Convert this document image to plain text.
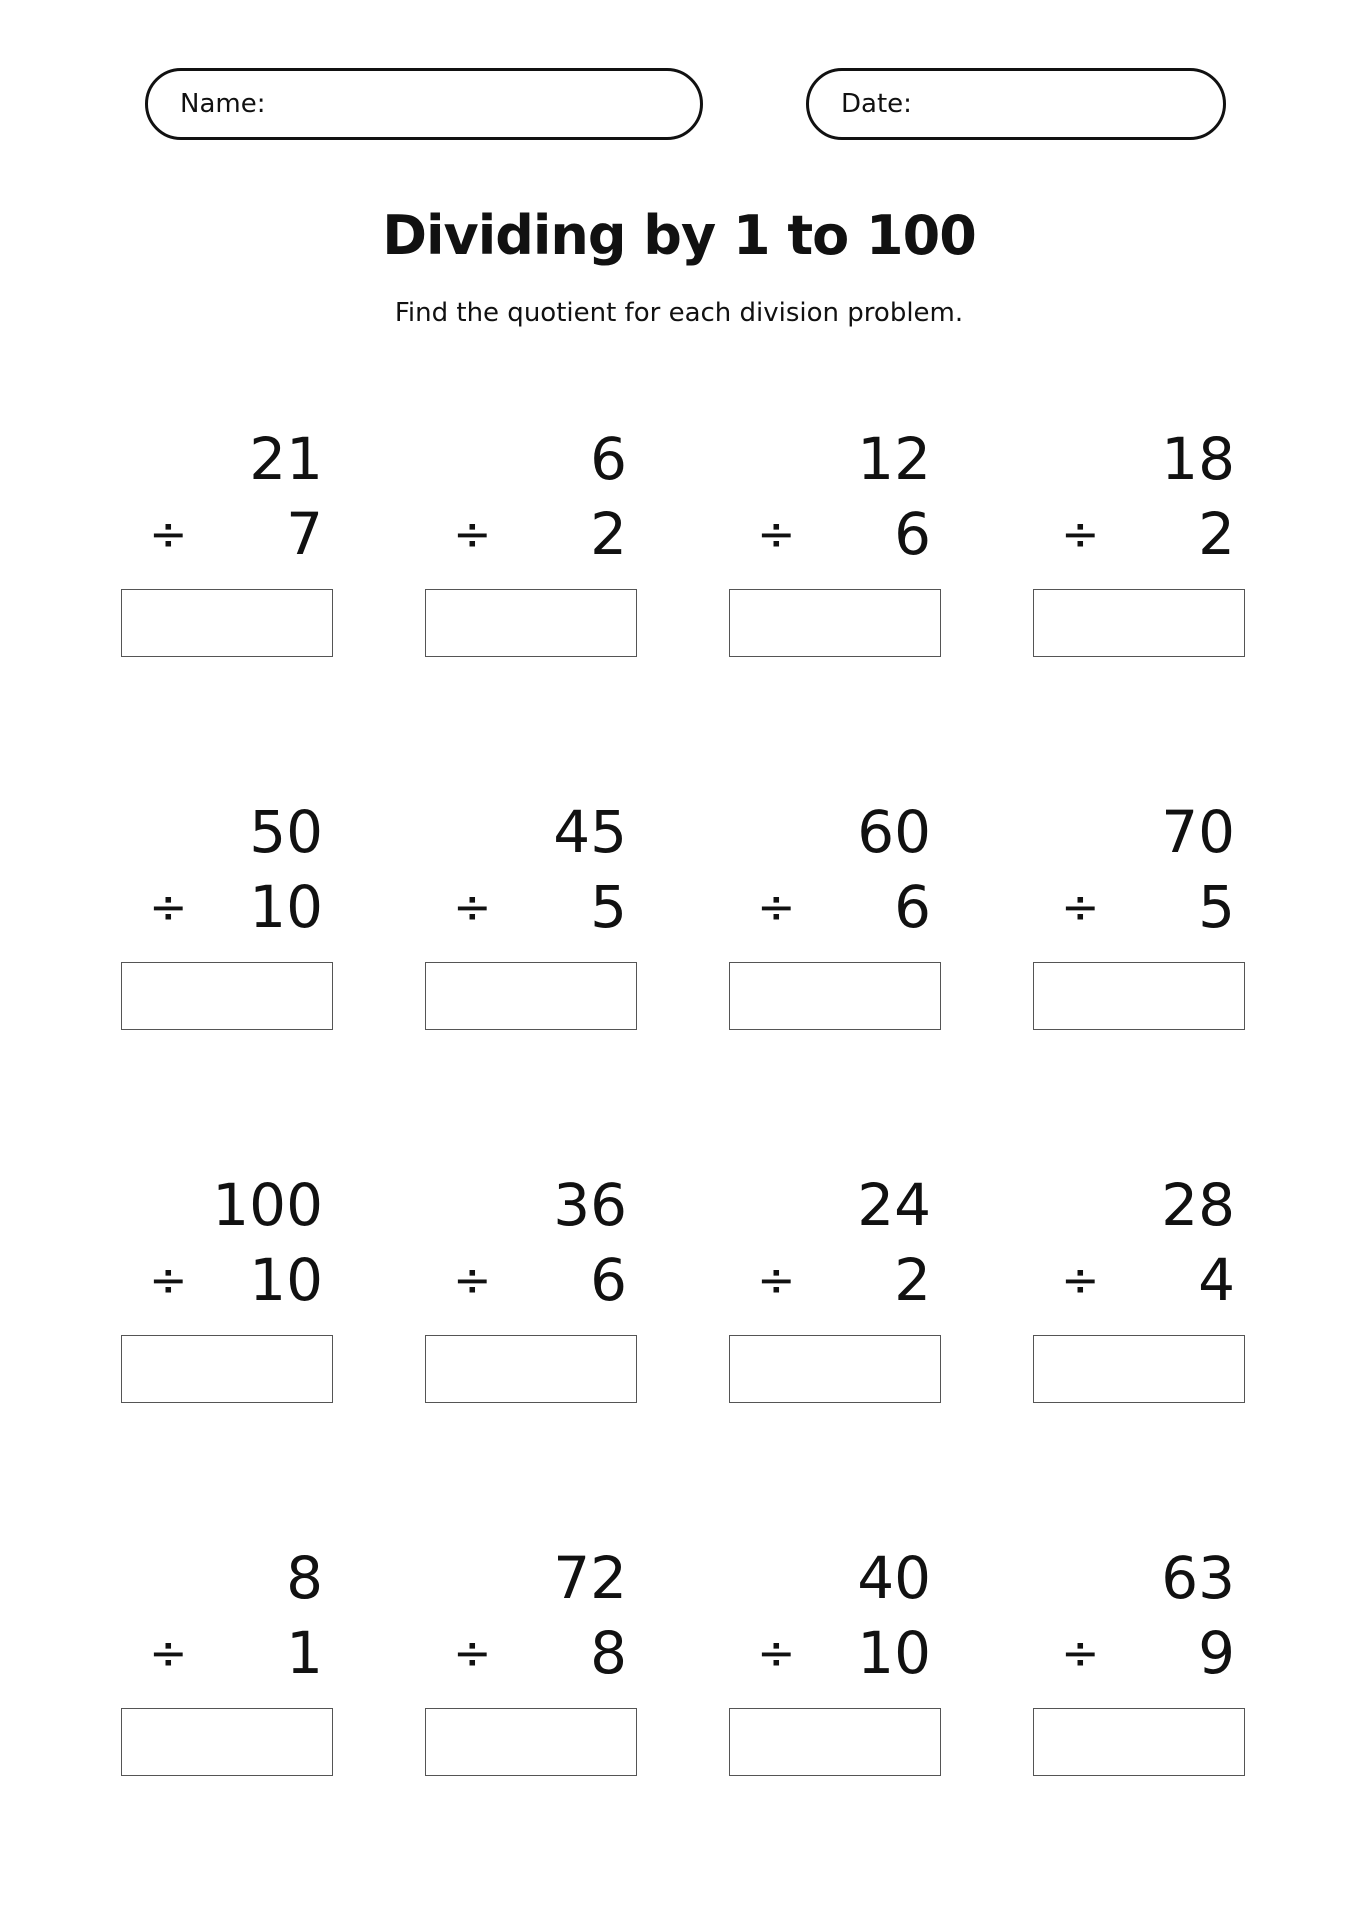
Name:	Date:
Dividing by 1 to 100

Find the quotient for each division problem.

21
÷ 7
6
÷ 2
12
÷ 6
18
÷ 2
50
÷ 10
45
÷ 5
60
÷ 6
70
÷ 5
100
÷ 10
36
÷ 6
24
÷ 2
28
÷ 4
8
÷ 1
72
÷ 8
40
÷ 10
63
÷ 9
